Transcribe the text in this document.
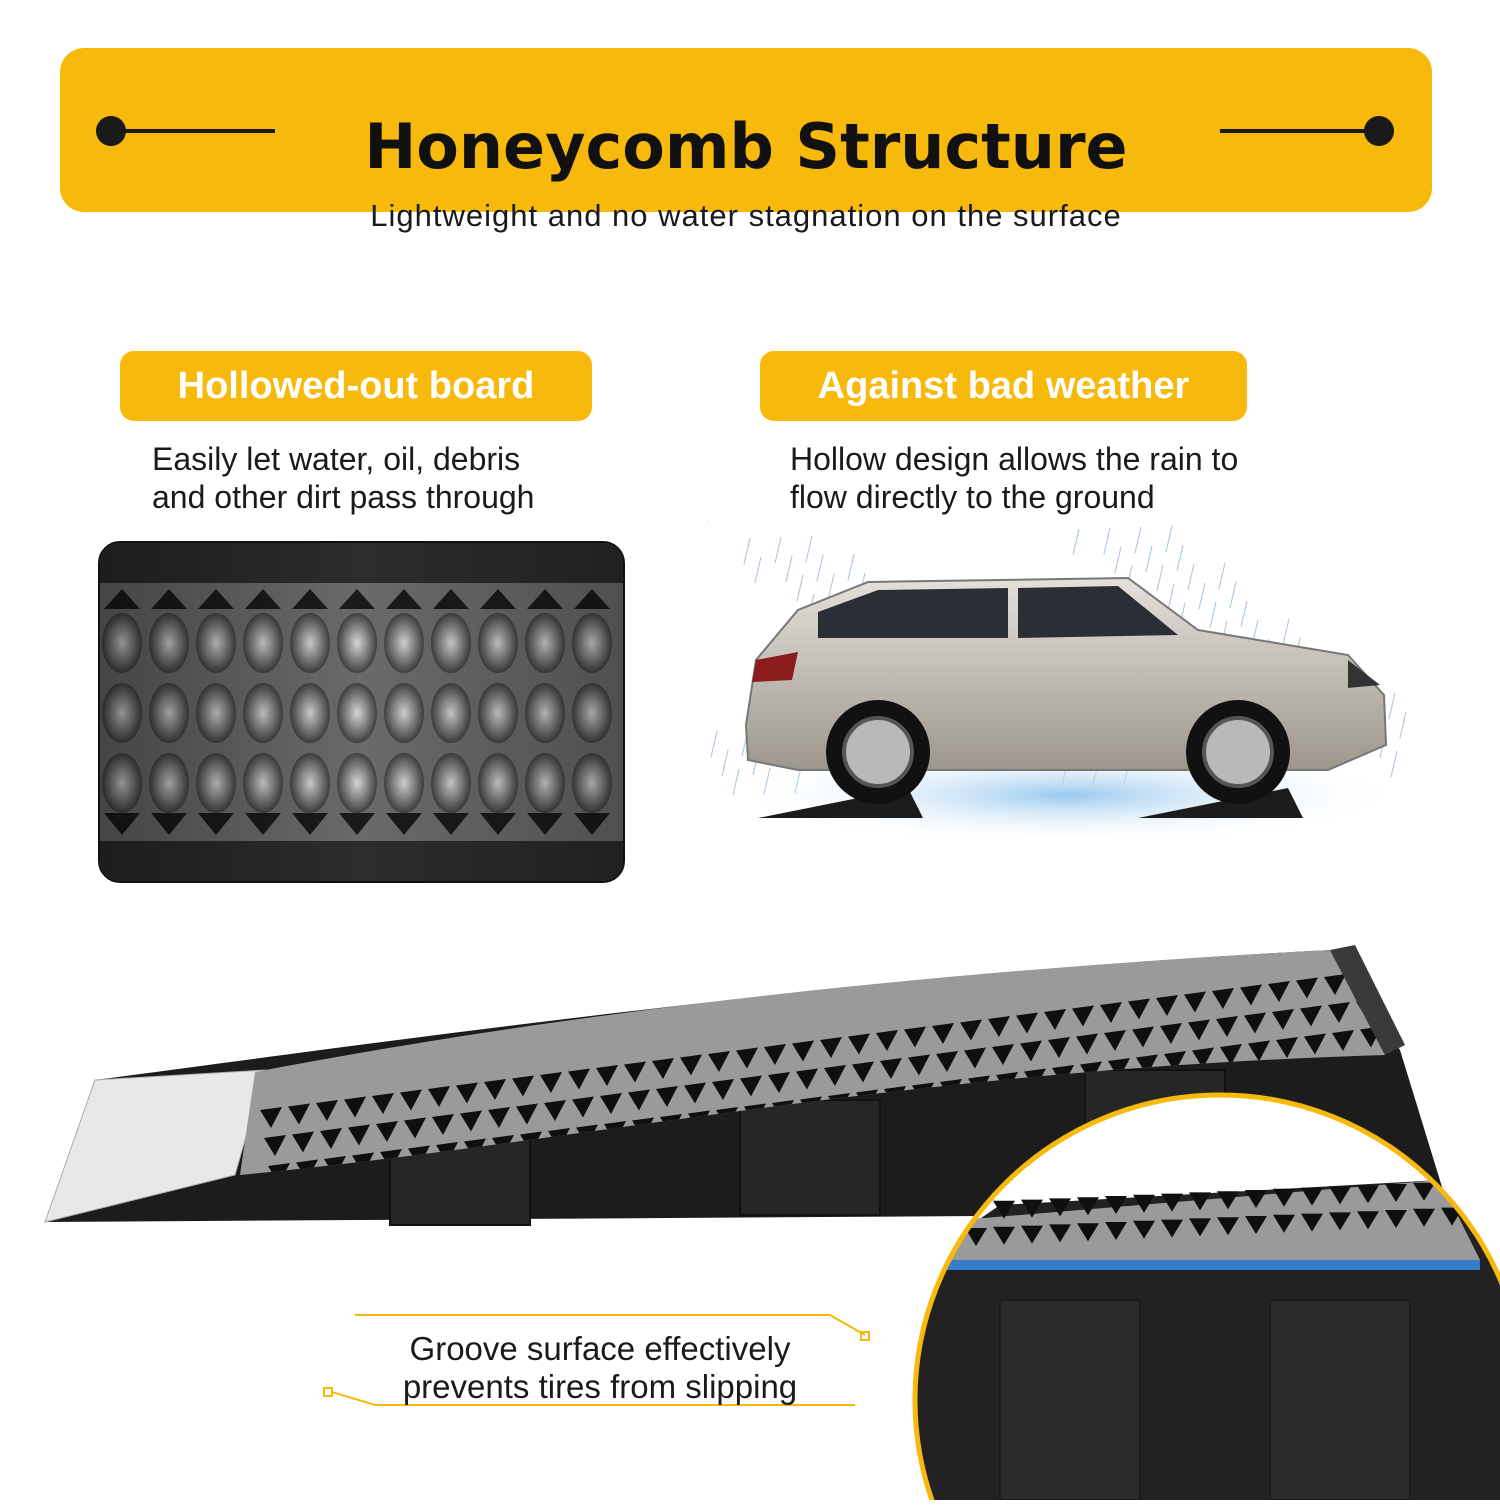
Honeycomb Structure
Lightweight and no water stagnation on the surface
Hollowed-out board
Easily let water, oil, debris
and other dirt pass through
Against bad weather
Hollow design allows the rain to
flow directly to the ground
Groove surface effectively
prevents tires from slipping
